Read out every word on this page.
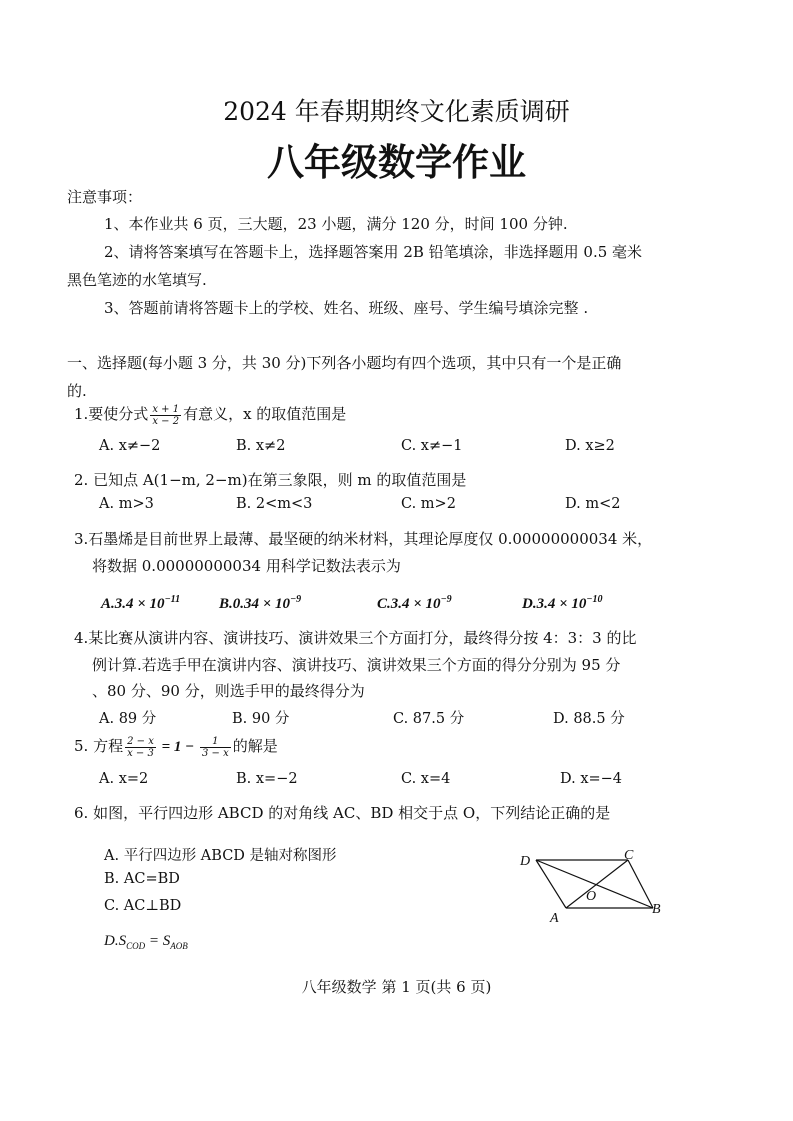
2024 年春期期终文化素质调研
八年级数学作业
注意事项：
1、本作业共 6 页，三大题，23 小题，满分 120 分，时间 100 分钟.
2、请将答案填写在答题卡上，选择题答案用 2B 铅笔填涂，非选择题用 0.5 毫米
黑色笔迹的水笔填写.
3、答题前请将答题卡上的学校、姓名、班级、座号、学生编号填涂完整 .
一、选择题(每小题 3 分，共 30 分)下列各小题均有四个选项，其中只有一个是正确
的.
1.要使分式 $\frac{x + 1}{x - 2}$ 有意义，x 的取值范围是
A. x≠−2	B. x≠2	C. x≠−1	D. x≥2
2. 已知点 A(1−m, 2−m)在第三象限，则 m 的取值范围是
A. m>3	B. 2<m<3	C. m>2	D. m<2
3.石墨烯是目前世界上最薄、最坚硬的纳米材料，其理论厚度仅 0.00000000034 米，
将数据 0.00000000034 用科学记数法表示为
$A.3.4 \times 10^{-11}$	$B.0.34 \times 10^{-9}$	$C.3.4 \times 10^{-9}$	$D.3.4 \times 10^{-10}$
4.某比赛从演讲内容、演讲技巧、演讲效果三个方面打分，最终得分按 4：3：3 的比
例计算.若选手甲在演讲内容、演讲技巧、演讲效果三个方面的得分分别为 95 分
、80 分、90 分，则选手甲的最终得分为
A. 89 分	B. 90 分	C. 87.5 分	D. 88.5 分
5. 方程 $\frac{2 - x}{x - 3} = 1 - \frac{1}{3 - x}$ 的解是
A. x=2	B. x=−2	C. x=4	D. x=−4
6. 如图，平行四边形 ABCD 的对角线 AC、BD 相交于点 O，下列结论正确的是
A. 平行四边形 ABCD 是轴对称图形
B. AC=BD
C. AC⊥BD
$D.S_{COD} = S_{AOB}$
D	C
A
B
O
八年级数学 第 1 页(共 6 页)
